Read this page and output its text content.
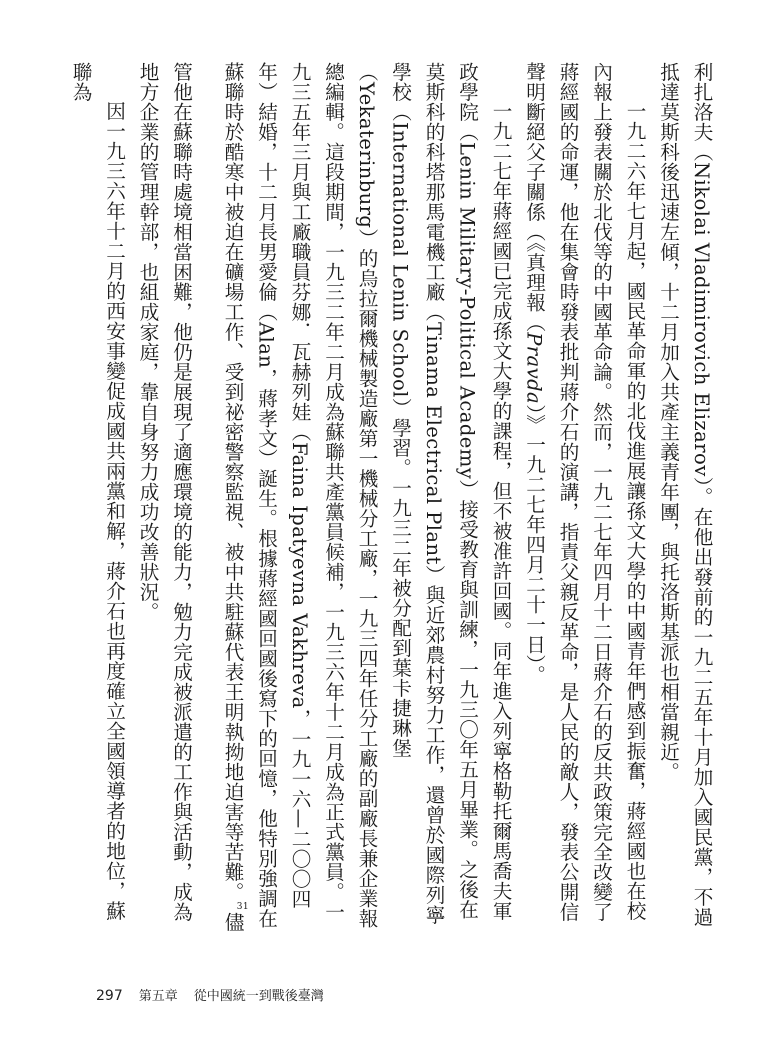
利扎洛夫（Nikolai Vladimirovich Elizarov）。在他出發前的一九二五年十月加入國民黨，不過抵達莫斯科後迅速左傾，十二月加入共產主義青年團，與托洛斯基派也相當親近。

一九二六年七月起，國民革命軍的北伐進展讓孫文大學的中國青年們感到振奮，蔣經國也在校內報上發表關於北伐等的中國革命論。然而，一九二七年四月十二日蔣介石的反共政策完全改變了蔣經國的命運，他在集會時發表批判蔣介石的演講，指責父親反革命，是人民的敵人，發表公開信聲明斷絕父子關係（《真理報（Pravda）》一九二七年四月二十一日）。

一九二七年蔣經國已完成孫文大學的課程，但不被准許回國。同年進入列寧格勒托爾馬喬夫軍政學院（Lenin Military-Political Academy）接受教育與訓練，一九三〇年五月畢業。之後在莫斯科的科塔那馬電機工廠（Tinama Electrical Plant）與近郊農村努力工作，還曾於國際列寧學校（International Lenin School）學習。一九三二年被分配到葉卡捷琳堡（Yekaterinburg）的烏拉爾機械製造廠第一機械分工廠，一九三四年任分工廠的副廠長兼企業報總編輯。這段期間，一九三二年二月成為蘇聯共產黨員候補，一九三六年十二月成為正式黨員。一九三五年三月與工廠職員芬娜．瓦赫列娃（Faina Ipatyevna Vakhreva，一九一六—二〇〇四年）結婚，十二月長男愛倫（Alan，蔣孝文）誕生。根據蔣經國回國後寫下的回憶，他特別強調在蘇聯時於酷寒中被迫在礦場工作、受到祕密警察監視、被中共駐蘇代表王明執拗地迫害等苦難。31儘管他在蘇聯時處境相當困難，他仍是展現了適應環境的能力，勉力完成被派遣的工作與活動，成為地方企業的管理幹部，也組成家庭，靠自身努力成功改善狀況。

因一九三六年十二月的西安事變促成國共兩黨和解，蔣介石也再度確立全國領導者的地位，蘇聯為

297 第五章 從中國統一到戰後臺灣
